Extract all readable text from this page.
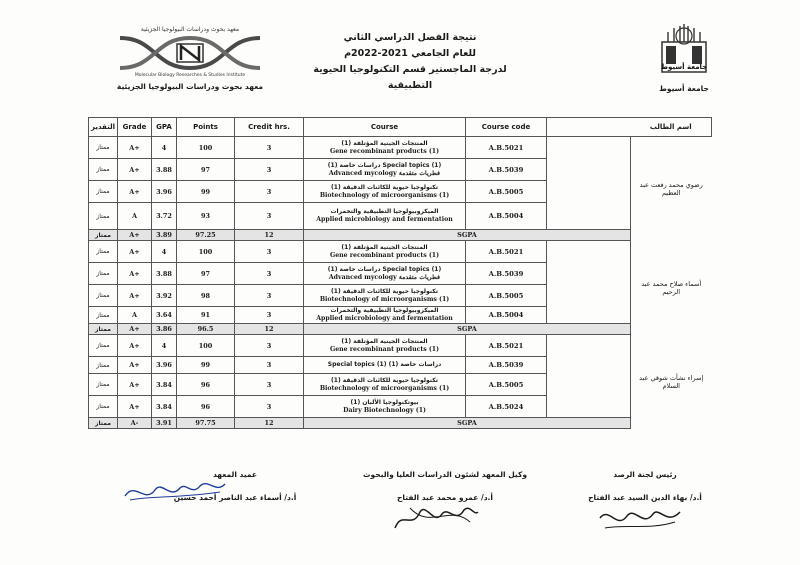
معهد بحوث ودراسات البيولوجيا الجزيئية
Molecular Biology Researches & Studies Institute
معهد بحوث ودراسات البيولوجيا الجزيئية
نتيجة الفصل الدراسي الثاني
للعام الجامعي 2021-2022م
لدرجة الماجستير قسم التكنولوجيا الحيوية التطبيقية
جامعة أسيوط
جامعة أسيوط
التقدير	Grade	GPA	Points	Credit hrs.	Course	Course code		اسم الطالب
ممتاز	A+	4	100	3	المنتجات الجينية المؤتلفة (1)
Gene recombinant products (1)	A.B.5021		رضوي محمد رفعت عبد العظيم
ممتاز	A+	3.88	97	3	دراسات خاصة (1) Special topics (1)
Advanced mycology فطريات متقدمة	A.B.5039		
ممتاز	A+	3.96	99	3	تكنولوجيا حيوية للكائنات الدقيقة (1)
Biotechnology of microorganisms (1)	A.B.5005		
ممتاز	A	3.72	93	3	الميكروبيولوجيا التطبيقية والتخمرات
Applied microbiology and fermentation	A.B.5004		
ممتاز	A+	3.89	97.25	12	SGPA			
ممتاز	A+	4	100	3	المنتجات الجينية المؤتلفة (1)
Gene recombinant products (1)	A.B.5021		أسماء صلاح محمد عبد الرحيم
ممتاز	A+	3.88	97	3	دراسات خاصة (1) Special topics (1)
Advanced mycology فطريات متقدمة	A.B.5039		
ممتاز	A+	3.92	98	3	تكنولوجيا حيوية للكائنات الدقيقة (1)
Biotechnology of microorganisms (1)	A.B.5005		
ممتاز	A	3.64	91	3	الميكروبيولوجيا التطبيقية والتخمرات
Applied microbiology and fermentation	A.B.5004		
ممتاز	A+	3.86	96.5	12	SGPA			
ممتاز	A+	4	100	3	المنتجات الجينية المؤتلفة (1)
Gene recombinant products (1)	A.B.5021		إسراء نشأت شوقي عبد السلام
ممتاز	A+	3.96	99	3	Special topics (1) دراسات خاصة (1)	A.B.5039		
ممتاز	A+	3.84	96	3	تكنولوجيا حيوية للكائنات الدقيقة (1)
Biotechnology of microorganisms (1)	A.B.5005		
ممتاز	A+	3.84	96	3	بيوتكنولوجيا الألبان (1)
Dairy Biotechnology (1)	A.B.5024		
ممتاز	A-	3.91	97.75	12	SGPA			
عميد المعهد
أ.د/ أسماء عبد الناصر أحمد حسين
وكيل المعهد لشئون الدراسات العليا والبحوث
أ.د/ عمرو محمد عبد الفتاح
رئيس لجنة الرصد
أ.د/ بهاء الدين السيد عبد الفتاح
